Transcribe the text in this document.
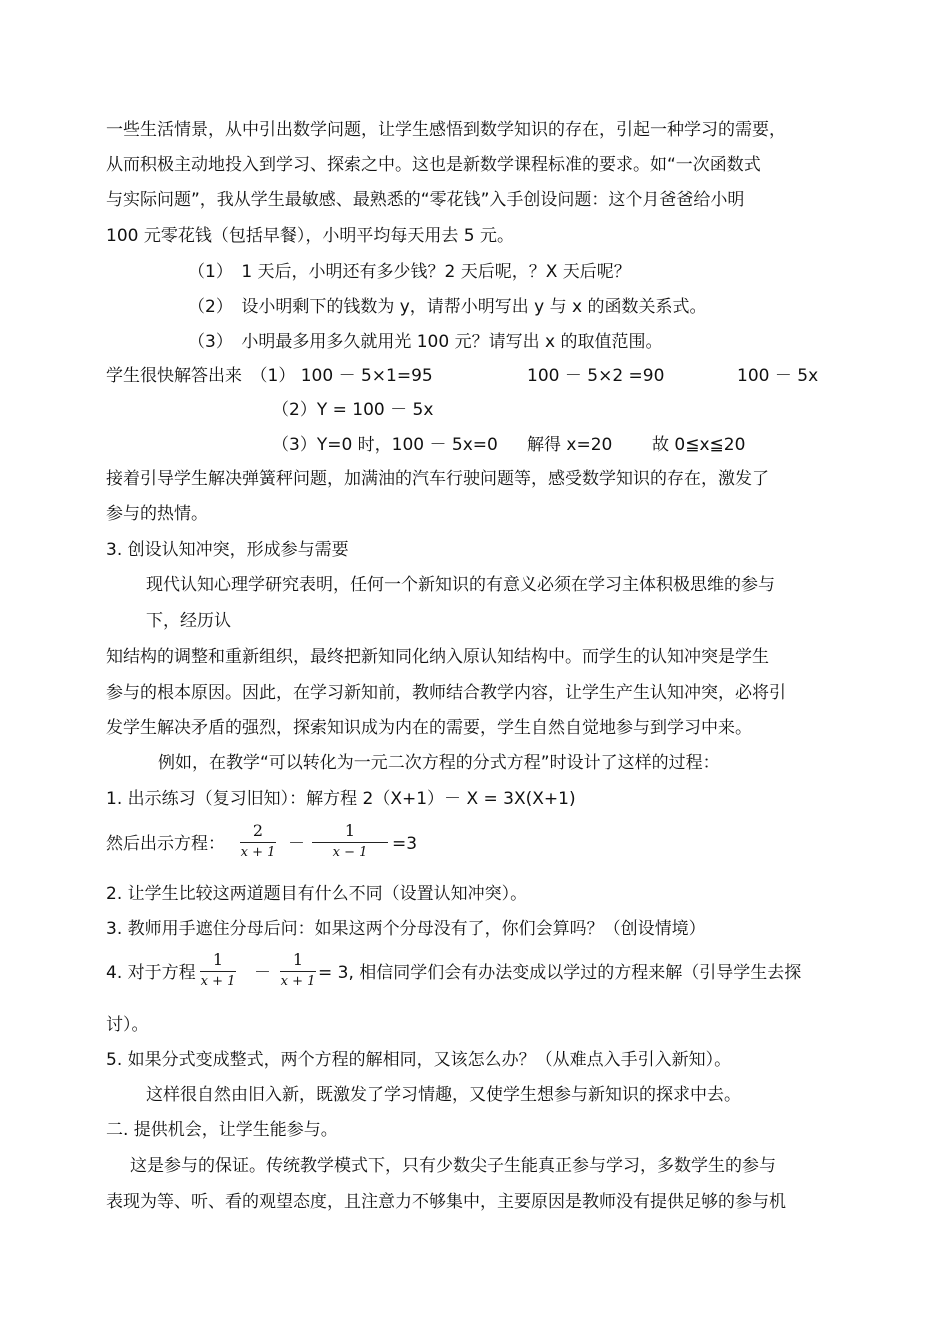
一些生活情景，从中引出数学问题，让学生感悟到数学知识的存在，引起一种学习的需要，
从而积极主动地投入到学习、探索之中。这也是新数学课程标准的要求。如“一次函数式
与实际问题”，我从学生最敏感、最熟悉的“零花钱”入手创设问题：这个月爸爸给小明
100 元零花钱（包括早餐），小明平均每天用去 5 元。
（1）　1 天后，小明还有多少钱？2 天后呢，？X 天后呢？
（2）　设小明剩下的钱数为 y，请帮小明写出 y 与 x 的函数关系式。
（3）　小明最多用多久就用光 100 元？请写出 x 的取值范围。
学生很快解答出来　（1） 100 － 5×1=95	100 － 5×2 =90	100 － 5x
（2）Y = 100 － 5x
（3）Y=0 时，100 － 5x=0 解得 x=20 故 0≦x≦20
接着引导学生解决弹簧秤问题，加满油的汽车行驶问题等，感受数学知识的存在，激发了
参与的热情。
3. 创设认知冲突，形成参与需要
现代认知心理学研究表明，任何一个新知识的有意义必须在学习主体积极思维的参与
下，经历认
知结构的调整和重新组织，最终把新知同化纳入原认知结构中。而学生的认知冲突是学生
参与的根本原因。因此，在学习新知前，教师结合教学内容，让学生产生认知冲突，必将引
发学生解决矛盾的强烈，探索知识成为内在的需要，学生自然自觉地参与到学习中来。
例如，在教学“可以转化为一元二次方程的分式方程”时设计了这样的过程：
1. 出示练习（复习旧知）：解方程 2（X+1）－ X = 3X(X+1)
然后出示方程：
2
x + 1 －
1
x − 1	=3
2. 让学生比较这两道题目有什么不同（设置认知冲突）。
3. 教师用手遮住分母后问：如果这两个分母没有了，你们会算吗？（创设情境）
4. 对于方程
1
x + 1 －
1
x + 1 = 3, 相信同学们会有办法变成以学过的方程来解（引导学生去探
讨）。
5. 如果分式变成整式，两个方程的解相同，又该怎么办？（从难点入手引入新知）。
这样很自然由旧入新，既激发了学习情趣，又使学生想参与新知识的探求中去。
二. 提供机会，让学生能参与。
这是参与的保证。传统教学模式下，只有少数尖子生能真正参与学习，多数学生的参与
表现为等、听、看的观望态度，且注意力不够集中，主要原因是教师没有提供足够的参与机
